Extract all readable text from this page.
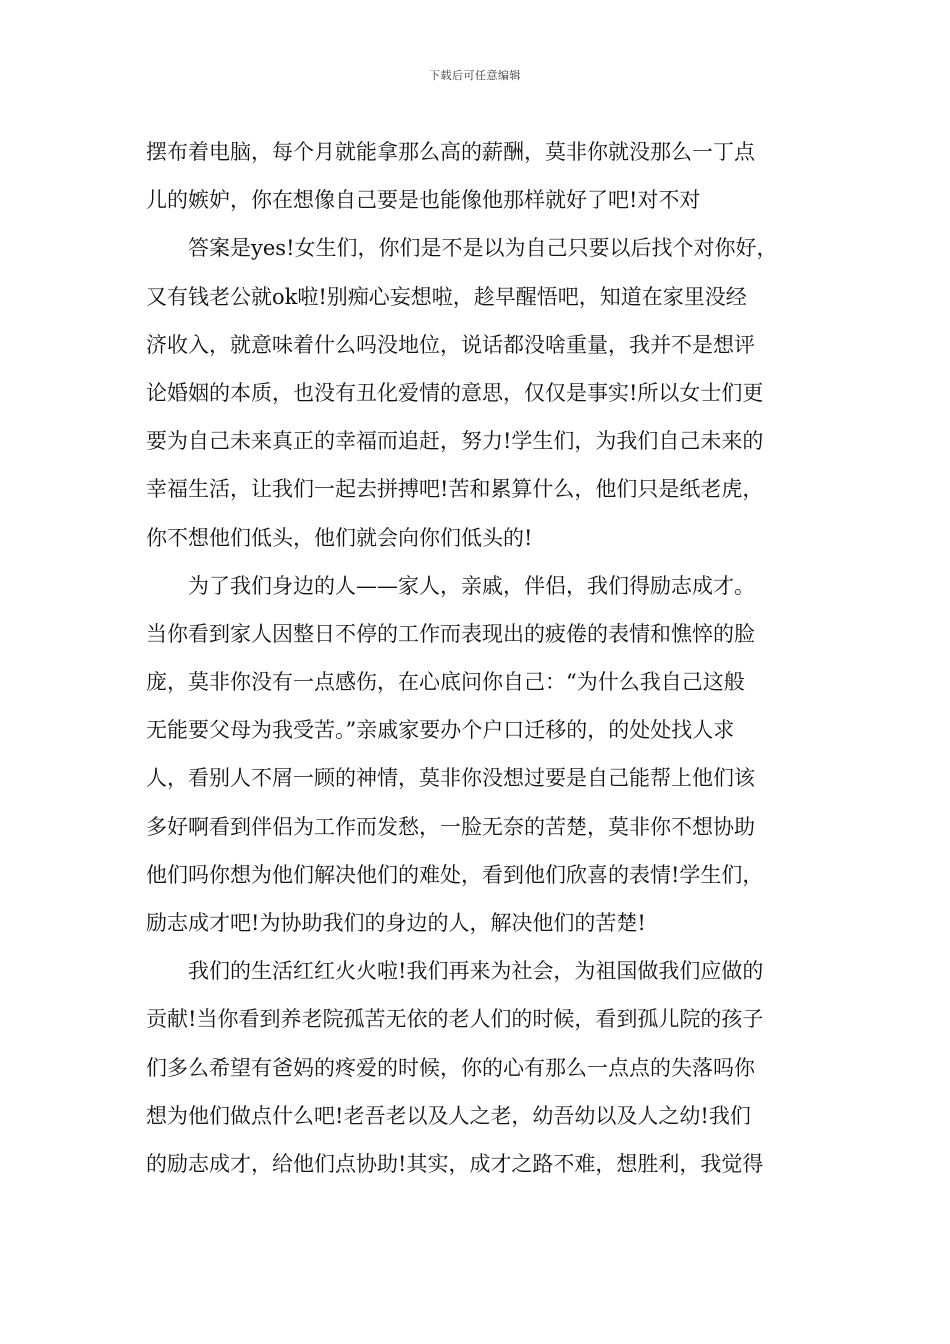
下载后可任意编辑
摆布着电脑，每个月就能拿那么高的薪酬，莫非你就没那么一丁点
儿的嫉妒，你在想像自己要是也能像他那样就好了吧!对不对
答案是yes!女生们，你们是不是以为自己只要以后找个对你好，
又有钱老公就ok啦!别痴心妄想啦，趁早醒悟吧，知道在家里没经
济收入，就意味着什么吗没地位，说话都没啥重量，我并不是想评
论婚姻的本质，也没有丑化爱情的意思，仅仅是事实!所以女士们更
要为自己未来真正的幸福而追赶，努力!学生们，为我们自己未来的
幸福生活，让我们一起去拼搏吧!苦和累算什么，他们只是纸老虎，
你不想他们低头，他们就会向你们低头的!
为了我们身边的人——家人，亲戚，伴侣，我们得励志成才。
当你看到家人因整日不停的工作而表现出的疲倦的表情和憔悴的脸
庞，莫非你没有一点感伤，在心底问你自己：“为什么我自己这般
无能要父母为我受苦。”亲戚家要办个户口迁移的，的处处找人求
人，看别人不屑一顾的神情，莫非你没想过要是自己能帮上他们该
多好啊看到伴侣为工作而发愁，一脸无奈的苦楚，莫非你不想协助
他们吗你想为他们解决他们的难处，看到他们欣喜的表情!学生们，
励志成才吧!为协助我们的身边的人，解决他们的苦楚!
我们的生活红红火火啦!我们再来为社会，为祖国做我们应做的
贡献!当你看到养老院孤苦无依的老人们的时候，看到孤儿院的孩子
们多么希望有爸妈的疼爱的时候，你的心有那么一点点的失落吗你
想为他们做点什么吧!老吾老以及人之老，幼吾幼以及人之幼!我们
的励志成才，给他们点协助!其实，成才之路不难，想胜利，我觉得
